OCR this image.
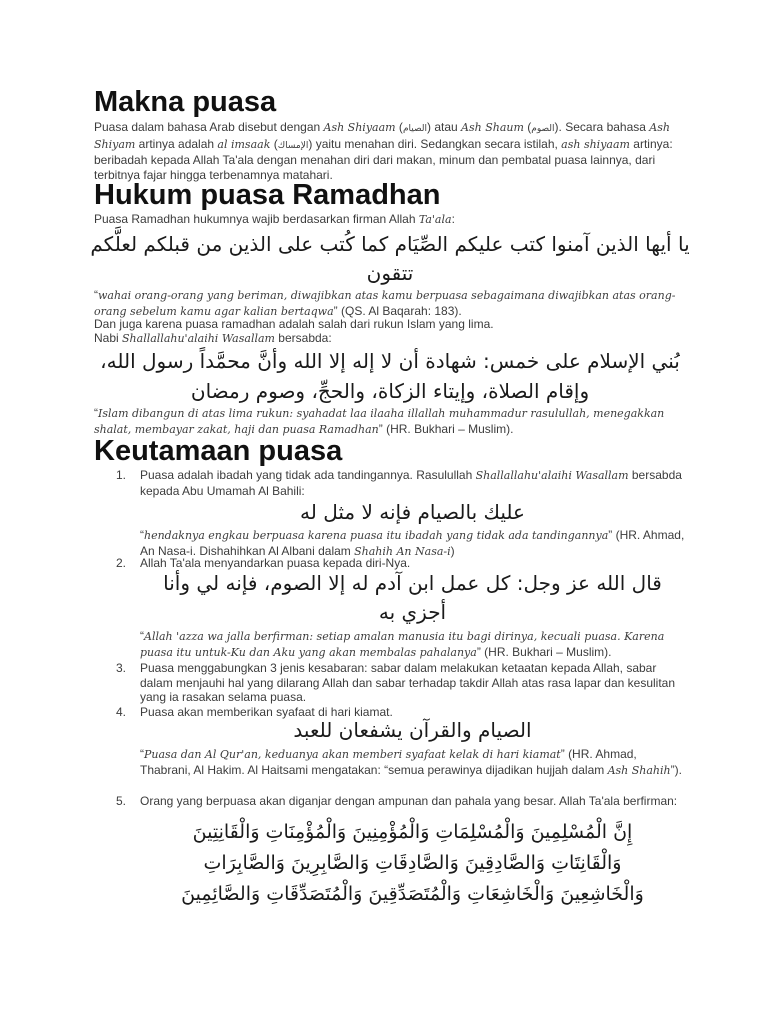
Makna puasa

Puasa dalam bahasa Arab disebut dengan Ash Shiyaam (الصيام) atau Ash Shaum (الصوم). Secara bahasa Ash Shiyam artinya adalah al imsaak (الإمساك) yaitu menahan diri. Sedangkan secara istilah, ash shiyaam artinya: beribadah kepada Allah Ta'ala dengan menahan diri dari makan, minum dan pembatal puasa lainnya, dari terbitnya fajar hingga terbenamnya matahari.

Hukum puasa Ramadhan

Puasa Ramadhan hukumnya wajib berdasarkan firman Allah Ta'ala:

يا أيها الذين آمنوا كتب عليكم الصِّيَام كما كُتب على الذين من قبلكم لعلَّكم تتقون

“wahai orang-orang yang beriman, diwajibkan atas kamu berpuasa sebagaimana diwajibkan atas orang-orang sebelum kamu agar kalian bertaqwa” (QS. Al Baqarah: 183).

Dan juga karena puasa ramadhan adalah salah dari rukun Islam yang lima.

Nabi Shallallahu'alaihi Wasallam bersabda:

بُني الإسلام على خمس: شهادة أن لا إله إلا الله وأنَّ محمَّداً رسول الله، وإقام الصلاة، وإيتاء الزكاة، والحجِّ، وصوم رمضان

“Islam dibangun di atas lima rukun: syahadat laa ilaaha illallah muhammadur rasulullah, menegakkan shalat, membayar zakat, haji dan puasa Ramadhan” (HR. Bukhari – Muslim).

Keutamaan puasa
1. Puasa adalah ibadah yang tidak ada tandingannya. Rasulullah Shallallahu'alaihi Wasallam bersabda kepada Abu Umamah Al Bahili:

عليك بالصيام فإنه لا مثل له

“hendaknya engkau berpuasa karena puasa itu ibadah yang tidak ada tandingannya” (HR. Ahmad, An Nasa-i. Dishahihkan Al Albani dalam Shahih An Nasa-i)

2. Allah Ta'ala menyandarkan puasa kepada diri-Nya.

قال الله عز وجل: كل عمل ابن آدم له إلا الصوم، فإنه لي وأنا أجزي به

“Allah 'azza wa jalla berfirman: setiap amalan manusia itu bagi dirinya, kecuali puasa. Karena puasa itu untuk-Ku dan Aku yang akan membalas pahalanya” (HR. Bukhari – Muslim).

3. Puasa menggabungkan 3 jenis kesabaran: sabar dalam melakukan ketaatan kepada Allah, sabar dalam menjauhi hal yang dilarang Allah dan sabar terhadap takdir Allah atas rasa lapar dan kesulitan yang ia rasakan selama puasa.

4. Puasa akan memberikan syafaat di hari kiamat.

الصيام والقرآن يشفعان للعبد

“Puasa dan Al Qur'an, keduanya akan memberi syafaat kelak di hari kiamat” (HR. Ahmad, Thabrani, Al Hakim. Al Haitsami mengatakan: “semua perawinya dijadikan hujjah dalam Ash Shahih”).

5. Orang yang berpuasa akan diganjar dengan ampunan dan pahala yang besar. Allah Ta'ala berfirman:

إِنَّ الْمُسْلِمِينَ وَالْمُسْلِمَاتِ وَالْمُؤْمِنِينَ وَالْمُؤْمِنَاتِ وَالْقَانِتِينَ

وَالْقَانِتَاتِ وَالصَّادِقِينَ وَالصَّادِقَاتِ وَالصَّابِرِينَ وَالصَّابِرَاتِ

وَالْخَاشِعِينَ وَالْخَاشِعَاتِ وَالْمُتَصَدِّقِينَ وَالْمُتَصَدِّقَاتِ وَالصَّائِمِينَ
